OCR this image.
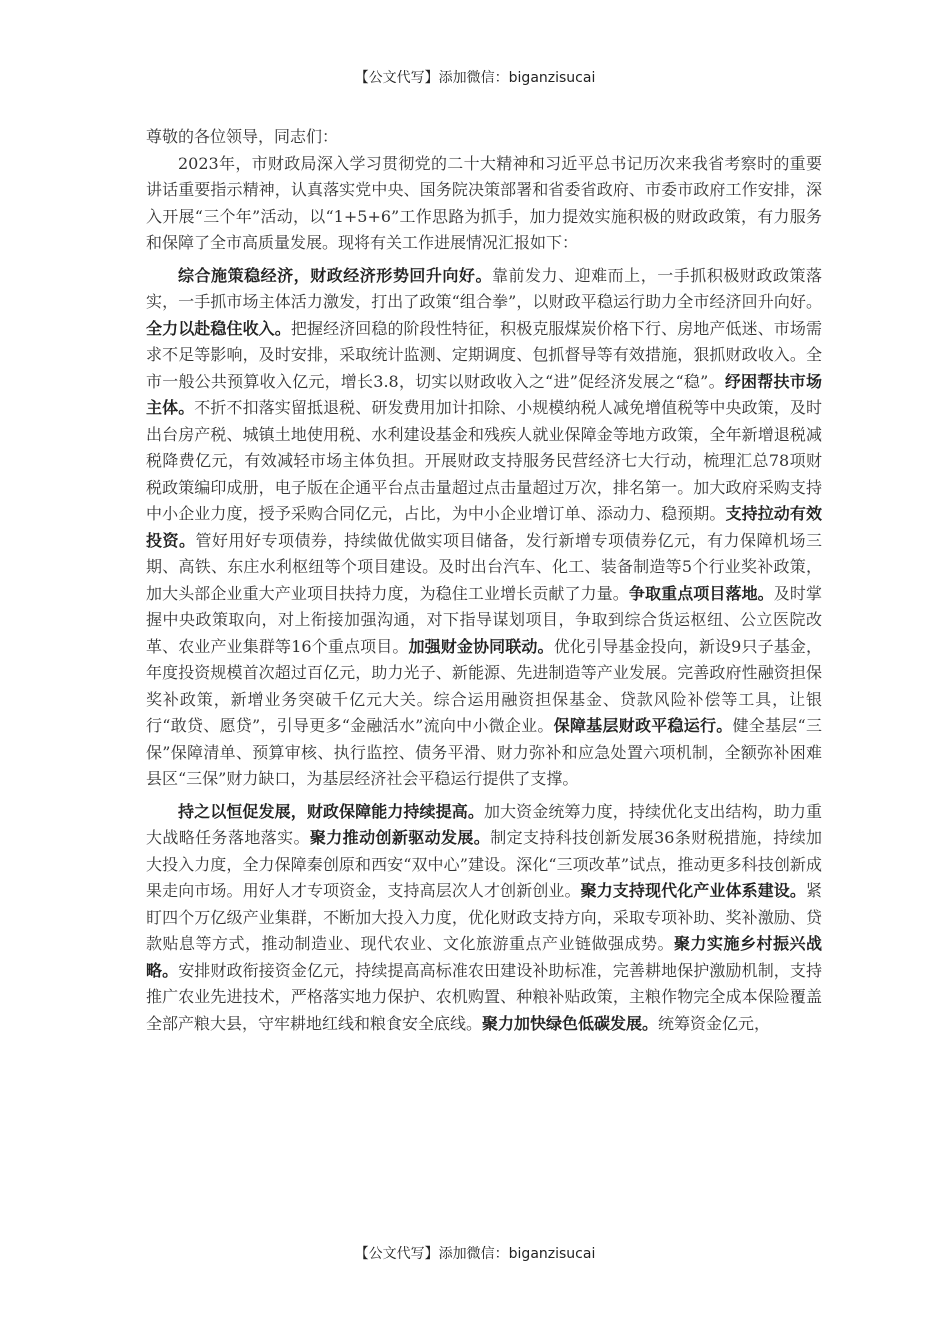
【公文代写】添加微信：biganzisucai

尊敬的各位领导，同志们：

2023年，市财政局深入学习贯彻党的二十大精神和习近平总书记历次来我省考察时的重要讲话重要指示精神，认真落实党中央、国务院决策部署和省委省政府、市委市政府工作安排，深入开展“三个年”活动，以“1+5+6”工作思路为抓手，加力提效实施积极的财政政策，有力服务和保障了全市高质量发展。现将有关工作进展情况汇报如下：

综合施策稳经济，财政经济形势回升向好。靠前发力、迎难而上，一手抓积极财政政策落实，一手抓市场主体活力激发，打出了政策“组合拳”，以财政平稳运行助力全市经济回升向好。全力以赴稳住收入。把握经济回稳的阶段性特征，积极克服煤炭价格下行、房地产低迷、市场需求不足等影响，及时安排，采取统计监测、定期调度、包抓督导等有效措施，狠抓财政收入。全市一般公共预算收入亿元，增长3.8，切实以财政收入之“进”促经济发展之“稳”。纾困帮扶市场主体。不折不扣落实留抵退税、研发费用加计扣除、小规模纳税人减免增值税等中央政策，及时出台房产税、城镇土地使用税、水利建设基金和残疾人就业保障金等地方政策，全年新增退税减税降费亿元，有效减轻市场主体负担。开展财政支持服务民营经济七大行动，梳理汇总78项财税政策编印成册，电子版在企通平台点击量超过点击量超过万次，排名第一。加大政府采购支持中小企业力度，授予采购合同亿元，占比，为中小企业增订单、添动力、稳预期。支持拉动有效投资。管好用好专项债券，持续做优做实项目储备，发行新增专项债券亿元，有力保障机场三期、高铁、东庄水利枢纽等个项目建设。及时出台汽车、化工、装备制造等5个行业奖补政策，加大头部企业重大产业项目扶持力度，为稳住工业增长贡献了力量。争取重点项目落地。及时掌握中央政策取向，对上衔接加强沟通，对下指导谋划项目，争取到综合货运枢纽、公立医院改革、农业产业集群等16个重点项目。加强财金协同联动。优化引导基金投向，新设9只子基金，年度投资规模首次超过百亿元，助力光子、新能源、先进制造等产业发展。完善政府性融资担保奖补政策，新增业务突破千亿元大关。综合运用融资担保基金、贷款风险补偿等工具，让银行“敢贷、愿贷”，引导更多“金融活水”流向中小微企业。保障基层财政平稳运行。健全基层“三保”保障清单、预算审核、执行监控、债务平滑、财力弥补和应急处置六项机制，全额弥补困难县区“三保”财力缺口，为基层经济社会平稳运行提供了支撑。

持之以恒促发展，财政保障能力持续提高。加大资金统筹力度，持续优化支出结构，助力重大战略任务落地落实。聚力推动创新驱动发展。制定支持科技创新发展36条财税措施，持续加大投入力度，全力保障秦创原和西安“双中心”建设。深化“三项改革”试点，推动更多科技创新成果走向市场。用好人才专项资金，支持高层次人才创新创业。聚力支持现代化产业体系建设。紧盯四个万亿级产业集群，不断加大投入力度，优化财政支持方向，采取专项补助、奖补激励、贷款贴息等方式，推动制造业、现代农业、文化旅游重点产业链做强成势。聚力实施乡村振兴战略。安排财政衔接资金亿元，持续提高高标准农田建设补助标准，完善耕地保护激励机制，支持推广农业先进技术，严格落实地力保护、农机购置、种粮补贴政策，主粮作物完全成本保险覆盖全部产粮大县，守牢耕地红线和粮食安全底线。聚力加快绿色低碳发展。统筹资金亿元，

【公文代写】添加微信：biganzisucai
